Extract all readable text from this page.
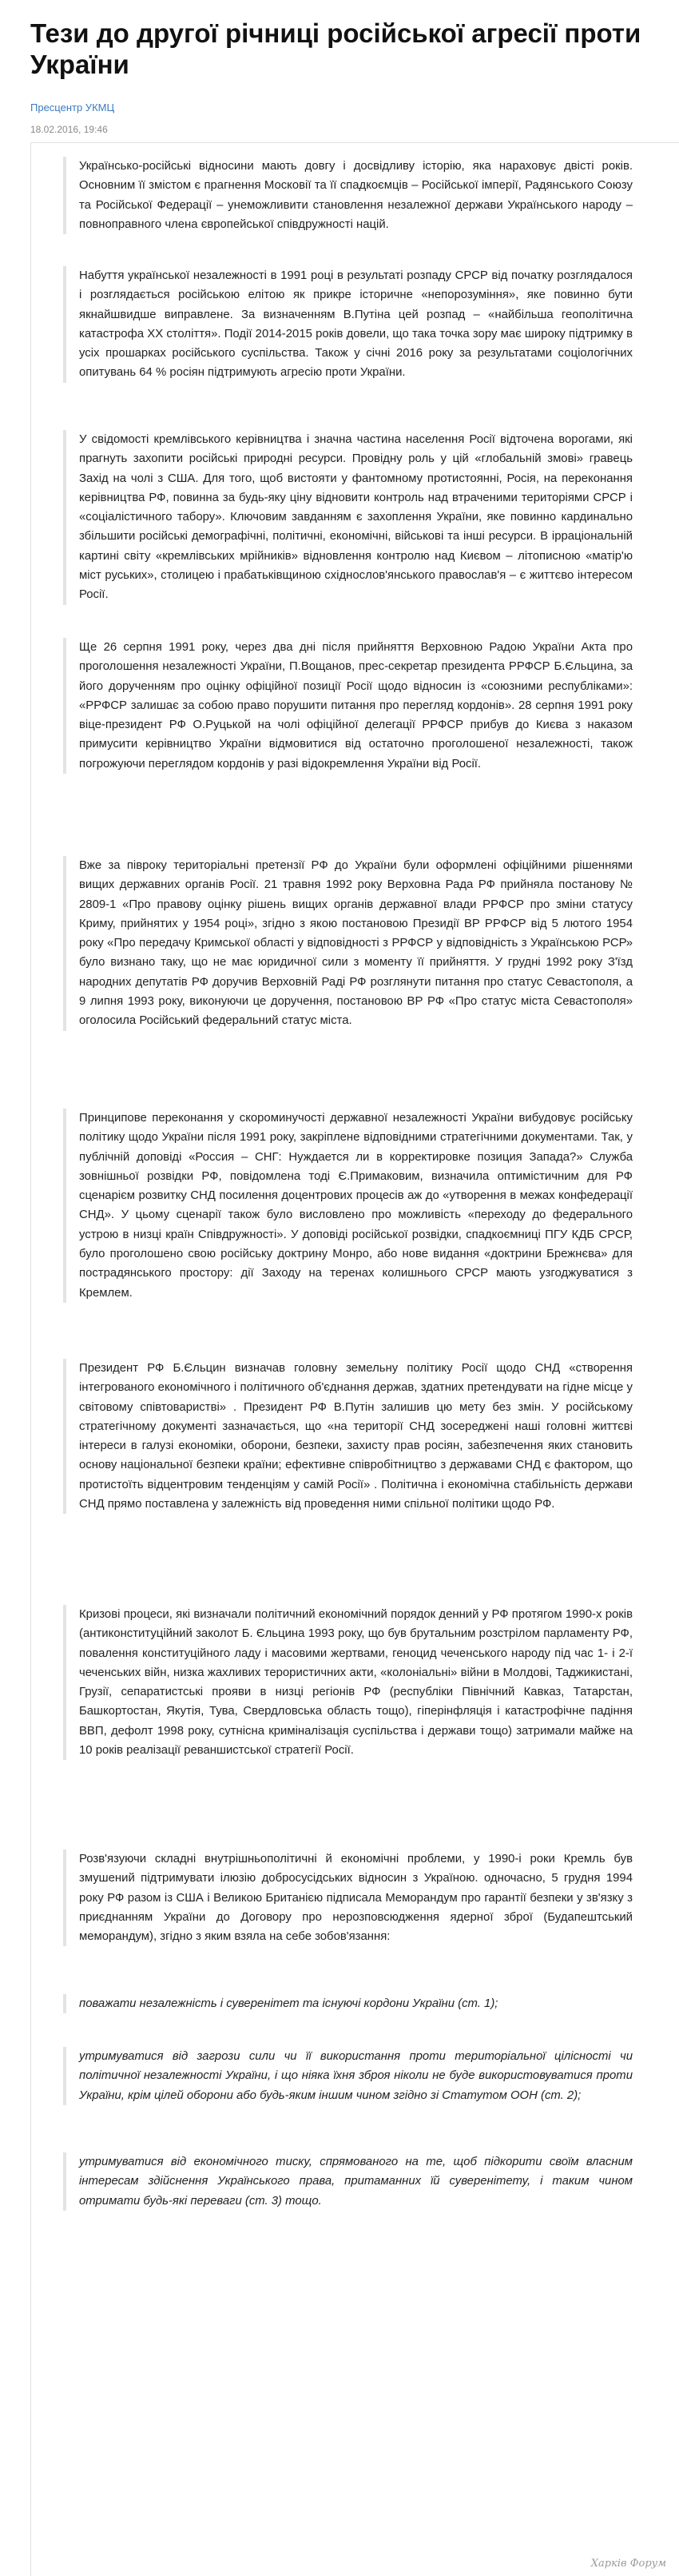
Тези до другої річниці російської агресії проти України
Пресцентр УКМЦ
18.02.2016, 19:46

Українсько-російські відносини мають довгу і досвідливу історію, яка нараховує двісті років. Основним її змістом є прагнення Московії та її спадкоємців – Російської імперії, Радянського Союзу та Російської Федерації – унеможливити становлення незалежної держави Українського народу – повноправного члена європейської співдружності націй.

Набуття української незалежності в 1991 році в результаті розпаду СРСР від початку розглядалося і розглядається російською елітою як прикре історичне «непорозуміння», яке повинно бути якнайшвидше виправлене. За визначенням В.Путіна цей розпад – «найбільша геополітична катастрофа ХХ століття». Події 2014-2015 років довели, що така точка зору має широку підтримку в усіх прошарках російського суспільства. Також у січні 2016 року за результатами соціологічних опитувань 64 % росіян підтримують агресію проти України.

У свідомості кремлівського керівництва і значна частина населення Росії відточена ворогами, які прагнуть захопити російські природні ресурси. Провідну роль у цій «глобальній змові» гравець Захід на чолі з США. Для того, щоб вистояти у фантомному протистоянні, Росія, на переконання керівництва РФ, повинна за будь-яку ціну відновити контроль над втраченими територіями СРСР і «соціалістичного табору». Ключовим завданням є захоплення України, яке повинно кардинально збільшити російські демографічні, політичні, економічні, військові та інші ресурси. В ірраціональній картині світу «кремлівських мрійників» відновлення контролю над Києвом – літописною «матір'ю міст руських», столицею і прабатьківщиною східнослов'янського православ'я – є життєво інтересом Росії.

Ще 26 серпня 1991 року, через два дні після прийняття Верховною Радою України Акта про проголошення незалежності України, П.Вощанов, прес-секретар президента РРФСР Б.Єльцина, за його дорученням про оцінку офіційної позиції Росії щодо відносин із «союзними республіками»: «РРФСР залишає за собою право порушити питання про перегляд кордонів». 28 серпня 1991 року віце-президент РФ О.Руцькой на чолі офіційної делегації РРФСР прибув до Києва з наказом примусити керівництво України відмовитися від остаточно проголошеної незалежності, також погрожуючи переглядом кордонів у разі відокремлення України від Росії.

Вже за півроку територіальні претензії РФ до України були оформлені офіційними рішеннями вищих державних органів Росії. 21 травня 1992 року Верховна Рада РФ прийняла постанову № 2809-1 «Про правову оцінку рішень вищих органів державної влади РРФСР про зміни статусу Криму, прийнятих у 1954 році», згідно з якою постановою Президії ВР РРФСР від 5 лютого 1954 року «Про передачу Кримської області у відповідності з РРФСР у відповідність з Українською РСР» було визнано таку, що не має юридичної сили з моменту її прийняття. У грудні 1992 року З'їзд народних депутатів РФ доручив Верховній Раді РФ розглянути питання про статус Севастополя, а 9 липня 1993 року, виконуючи це доручення, постановою ВР РФ «Про статус міста Севастополя» оголосила Російський федеральний статус міста.

Принципове переконання у скороминучості державної незалежності України вибудовує російську політику щодо України після 1991 року, закріплене відповідними стратегічними документами. Так, у публічній доповіді «Россия – СНГ: Нуждается ли в корректировке позиция Запада?» Служба зовнішньої розвідки РФ, повідомлена тоді Є.Примаковим, визначила оптимістичним для РФ сценарієм розвитку СНД посилення доцентрових процесів аж до «утворення в межах конфедерації СНД». У цьому сценарії також було висловлено про можливість «переходу до федерального устрою в низці країн Співдружності». У доповіді російської розвідки, спадкоємниці ПГУ КДБ СРСР, було проголошено свою російську доктрину Монро, або нове видання «доктрини Брежнєва» для пострадянського простору: дії Заходу на теренах колишнього СРСР мають узгоджуватися з Кремлем.

Президент РФ Б.Єльцин визначав головну земельну політику Росії щодо СНД «створення інтегрованого економічного і політичного об'єднання держав, здатних претендувати на гідне місце у світовому співтоваристві» . Президент РФ В.Путін залишив цю мету без змін. У російському стратегічному документі зазначається, що «на території СНД зосереджені наші головні життєві інтереси в галузі економіки, оборони, безпеки, захисту прав росіян, забезпечення яких становить основу національної безпеки країни; ефективне співробітництво з державами СНД є фактором, що протистоїть відцентровим тенденціям у самій Росії» . Політична і економічна стабільність держави СНД прямо поставлена у залежність від проведення ними спільної політики щодо РФ.

Кризові процеси, які визначали політичний економічний порядок денний у РФ протягом 1990-х років (антиконституційний заколот Б. Єльцина 1993 року, що був брутальним розстрілом парламенту РФ, повалення конституційного ладу і масовими жертвами, геноцид чеченського народу під час 1- і 2-ї чеченських війн, низка жахливих терористичних акти, «колоніальні» війни в Молдові, Таджикистані, Грузії, сепаратистські прояви в низці регіонів РФ (республіки Північний Кавказ, Татарстан, Башкортостан, Якутія, Тува, Свердловська область тощо), гіперінфляція і катастрофічне падіння ВВП, дефолт 1998 року, сутнісна криміналізація суспільства і держави тощо) затримали майже на 10 років реалізації реваншистської стратегії Росії.

Розв'язуючи складні внутрішньополітичні й економічні проблеми, у 1990-і роки Кремль був змушений підтримувати ілюзію добросусідських відносин з Україною. одночасно, 5 грудня 1994 року РФ разом із США і Великою Британією підписала Меморандум про гарантії безпеки у зв'язку з приєднанням України до Договору про нерозповсюдження ядерної зброї (Будапештський меморандум), згідно з яким взяла на себе зобов'язання:

поважати незалежність і суверенітет та існуючі кордони України (ст. 1);

утримуватися від загрози сили чи її використання проти територіальної цілісності чи політичної незалежності України, і що ніяка їхня зброя ніколи не буде використовуватися проти України, крім цілей оборони або будь-яким іншим чином згідно зі Статутом ООН (ст. 2);

утримуватися від економічного тиску, спрямованого на те, щоб підкорити своїм власним інтересам здійснення Українського права, притаманних їй суверенітету, і таким чином отримати будь-які переваги (ст. 3) тощо.

Харків Форум
